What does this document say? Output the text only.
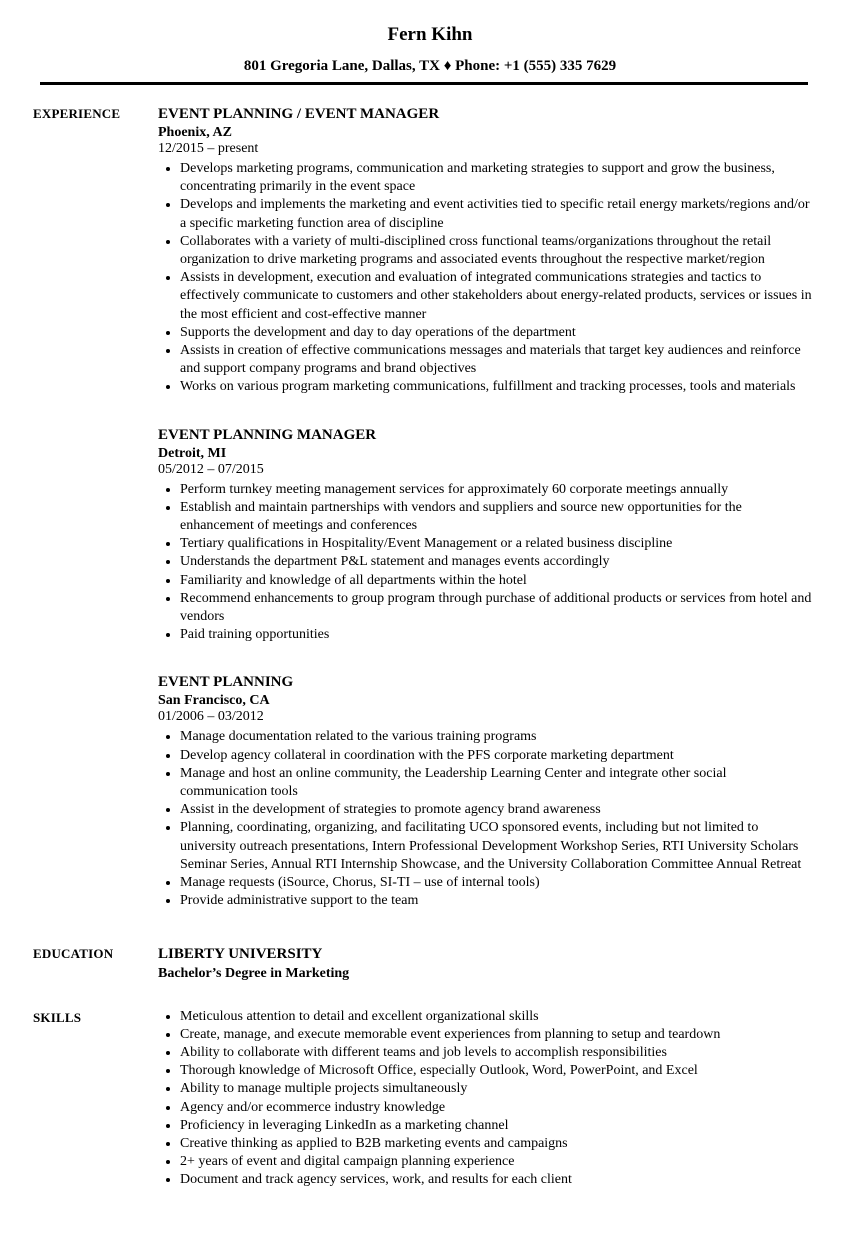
Fern Kihn
801 Gregoria Lane, Dallas, TX ♦ Phone: +1 (555) 335 7629
EXPERIENCE	EVENT PLANNING / EVENT MANAGER

Phoenix, AZ

12/2015 – present

• Develops marketing programs, communication and marketing strategies to support and grow the business, concentrating primarily in the event space
• Develops and implements the marketing and event activities tied to specific retail energy markets/regions and/or a specific marketing function area of discipline
• Collaborates with a variety of multi-disciplined cross functional teams/organizations throughout the retail organization to drive marketing programs and associated events throughout the respective market/region
• Assists in development, execution and evaluation of integrated communications strategies and tactics to effectively communicate to customers and other stakeholders about energy-related products, services or issues in the most efficient and cost-effective manner
• Supports the development and day to day operations of the department
• Assists in creation of effective communications messages and materials that target key audiences and reinforce and support company programs and brand objectives
• Works on various program marketing communications, fulfillment and tracking processes, tools and materials
EVENT PLANNING MANAGER

Detroit, MI

05/2012 – 07/2015

• Perform turnkey meeting management services for approximately 60 corporate meetings annually
• Establish and maintain partnerships with vendors and suppliers and source new opportunities for the enhancement of meetings and conferences
• Tertiary qualifications in Hospitality/Event Management or a related business discipline
• Understands the department P&L statement and manages events accordingly
• Familiarity and knowledge of all departments within the hotel
• Recommend enhancements to group program through purchase of additional products or services from hotel and vendors
• Paid training opportunities
EVENT PLANNING

San Francisco, CA

01/2006 – 03/2012

• Manage documentation related to the various training programs
• Develop agency collateral in coordination with the PFS corporate marketing department
• Manage and host an online community, the Leadership Learning Center and integrate other social communication tools
• Assist in the development of strategies to promote agency brand awareness
• Planning, coordinating, organizing, and facilitating UCO sponsored events, including but not limited to university outreach presentations, Intern Professional Development Workshop Series, RTI University Scholars Seminar Series, Annual RTI Internship Showcase, and the University Collaboration Committee Annual Retreat
• Manage requests (iSource, Chorus, SI-TI – use of internal tools)
• Provide administrative support to the team
EDUCATION	LIBERTY UNIVERSITY

Bachelor’s Degree in Marketing

SKILLS	• Meticulous attention to detail and excellent organizational skills
• Create, manage, and execute memorable event experiences from planning to setup and teardown
• Ability to collaborate with different teams and job levels to accomplish responsibilities
• Thorough knowledge of Microsoft Office, especially Outlook, Word, PowerPoint, and Excel
• Ability to manage multiple projects simultaneously
• Agency and/or ecommerce industry knowledge
• Proficiency in leveraging LinkedIn as a marketing channel
• Creative thinking as applied to B2B marketing events and campaigns
• 2+ years of event and digital campaign planning experience
• Document and track agency services, work, and results for each client
